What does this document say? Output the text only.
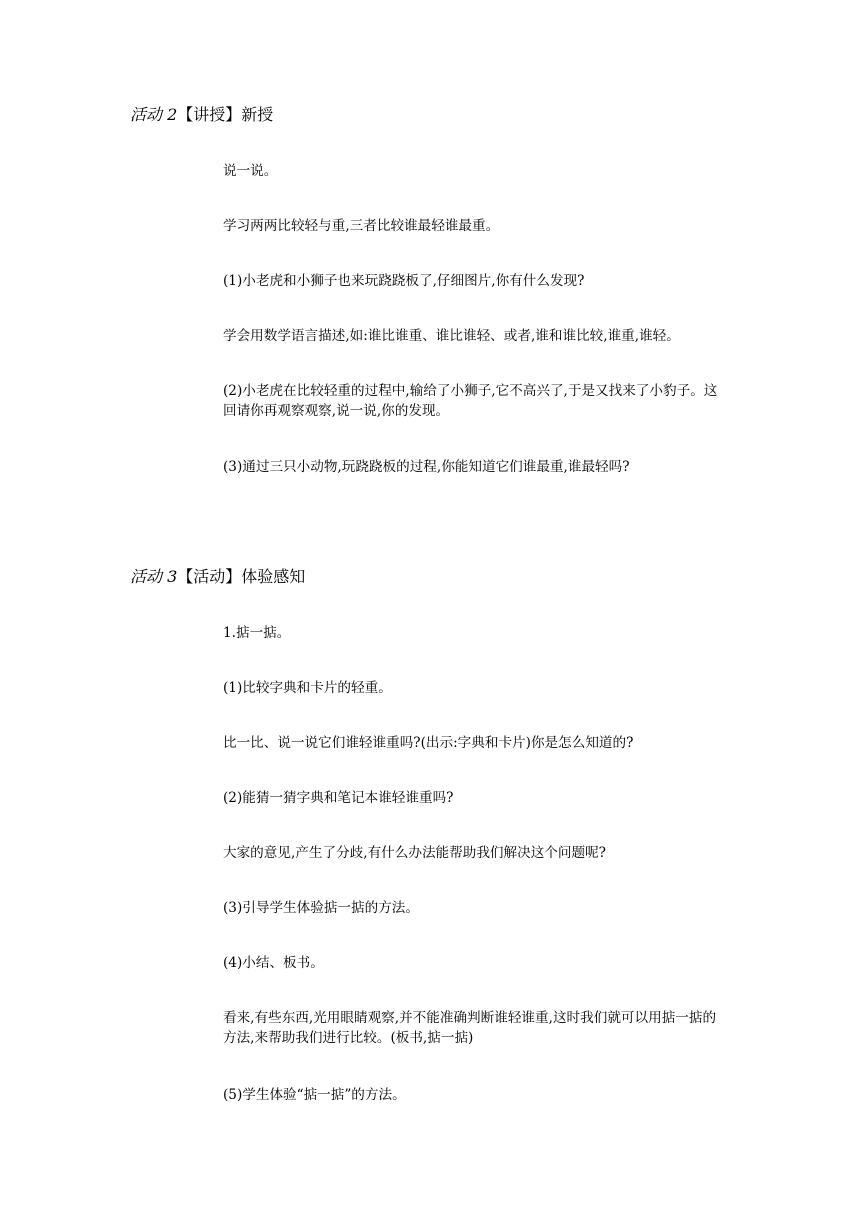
活动 2【讲授】新授
说一说。
学习两两比较轻与重,三者比较谁最轻谁最重。
(1)小老虎和小狮子也来玩跷跷板了,仔细图片,你有什么发现?
学会用数学语言描述,如:谁比谁重、谁比谁轻、或者,谁和谁比较,谁重,谁轻。
(2)小老虎在比较轻重的过程中,输给了小狮子,它不高兴了,于是又找来了小豹子。这回请你再观察观察,说一说,你的发现。
(3)通过三只小动物,玩跷跷板的过程,你能知道它们谁最重,谁最轻吗?
活动 3【活动】体验感知
1.掂一掂。
(1)比较字典和卡片的轻重。
比一比、说一说它们谁轻谁重吗?(出示:字典和卡片)你是怎么知道的?
(2)能猜一猜字典和笔记本谁轻谁重吗?
大家的意见,产生了分歧,有什么办法能帮助我们解决这个问题呢?
(3)引导学生体验掂一掂的方法。
(4)小结、板书。
看来,有些东西,光用眼睛观察,并不能准确判断谁轻谁重,这时我们就可以用掂一掂的方法,来帮助我们进行比较。(板书,掂一掂)
(5)学生体验“掂一掂”的方法。
